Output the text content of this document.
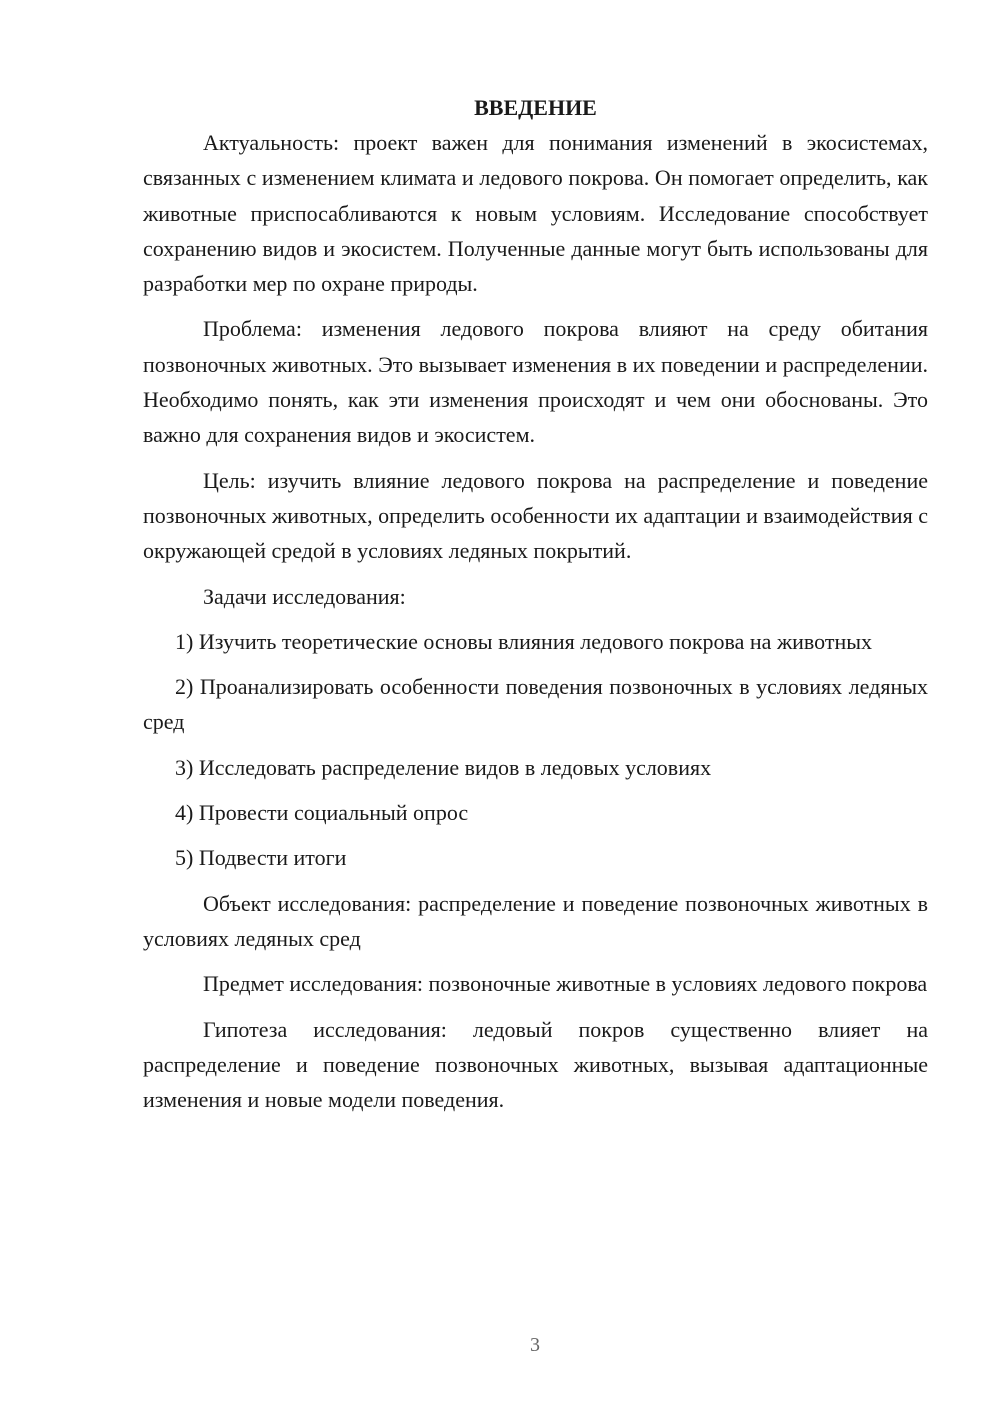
ВВЕДЕНИЕ

Актуальность: проект важен для понимания изменений в экосистемах, связанных с изменением климата и ледового покрова. Он помогает определить, как животные приспосабливаются к новым условиям. Исследование способствует сохранению видов и экосистем. Полученные данные могут быть использованы для разработки мер по охране природы.

Проблема: изменения ледового покрова влияют на среду обитания позвоночных животных. Это вызывает изменения в их поведении и распределении. Необходимо понять, как эти изменения происходят и чем они обоснованы. Это важно для сохранения видов и экосистем.

Цель: изучить влияние ледового покрова на распределение и поведение позвоночных животных, определить особенности их адаптации и взаимодействия с окружающей средой в условиях ледяных покрытий.

Задачи исследования:

1) Изучить теоретические основы влияния ледового покрова на животных

2) Проанализировать особенности поведения позвоночных в условиях ледяных сред

3) Исследовать распределение видов в ледовых условиях

4) Провести социальный опрос

5) Подвести итоги

Объект исследования: распределение и поведение позвоночных животных в условиях ледяных сред

Предмет исследования: позвоночные животные в условиях ледового покрова

Гипотеза исследования: ледовый покров существенно влияет на распределение и поведение позвоночных животных, вызывая адаптационные изменения и новые модели поведения.

3
